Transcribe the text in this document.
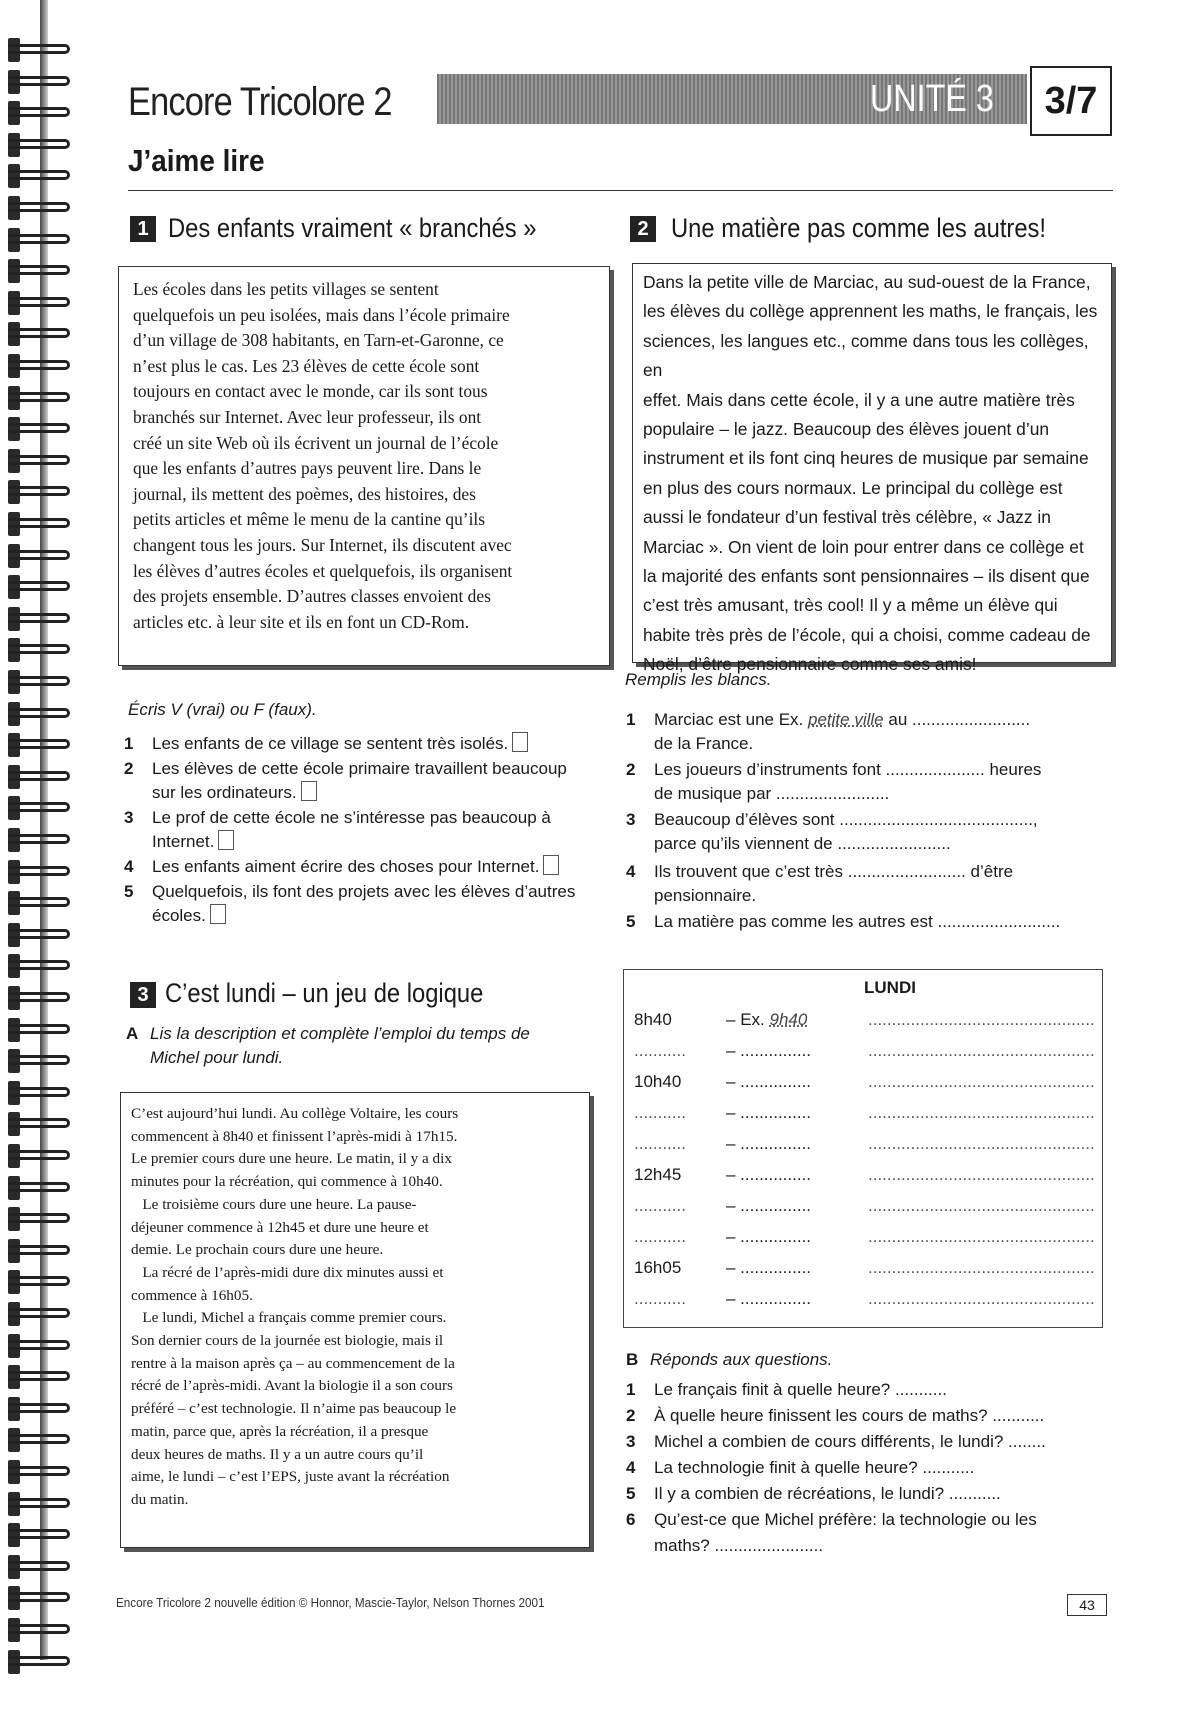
Encore Tricolore 2	UNITÉ 3	3/7
J’aime lire
1 Des enfants vraiment « branchés »
Les écoles dans les petits villages se sentent
quelquefois un peu isolées, mais dans l’école primaire
d’un village de 308 habitants, en Tarn-et-Garonne, ce
n’est plus le cas. Les 23 élèves de cette école sont
toujours en contact avec le monde, car ils sont tous
branchés sur Internet. Avec leur professeur, ils ont
créé un site Web où ils écrivent un journal de l’école
que les enfants d’autres pays peuvent lire. Dans le
journal, ils mettent des poèmes, des histoires, des
petits articles et même le menu de la cantine qu’ils
changent tous les jours. Sur Internet, ils discutent avec
les élèves d’autres écoles et quelquefois, ils organisent
des projets ensemble. D’autres classes envoient des
articles etc. à leur site et ils en font un CD-Rom.
Écris V (vrai) ou F (faux).
1 Les enfants de ce village se sentent très isolés.
2 Les élèves de cette école primaire travaillent beaucoup
sur les ordinateurs.
3 Le prof de cette école ne s’intéresse pas beaucoup à
Internet.
4 Les enfants aiment écrire des choses pour Internet.
5 Quelquefois, ils font des projets avec les élèves d’autres
écoles.
2 Une matière pas comme les autres!
Dans la petite ville de Marciac, au sud-ouest de la France,
les élèves du collège apprennent les maths, le français, les
sciences, les langues etc., comme dans tous les collèges, en
effet. Mais dans cette école, il y a une autre matière très
populaire – le jazz. Beaucoup des élèves jouent d’un
instrument et ils font cinq heures de musique par semaine
en plus des cours normaux. Le principal du collège est
aussi le fondateur d’un festival très célèbre, « Jazz in
Marciac ». On vient de loin pour entrer dans ce collège et
la majorité des enfants sont pensionnaires – ils disent que
c’est très amusant, très cool! Il y a même un élève qui
habite très près de l’école, qui a choisi, comme cadeau de
Noël, d’être pensionnaire comme ses amis!
Remplis les blancs.
1 Marciac est une Ex. petite ville au .........................
de la France.
2 Les joueurs d’instruments font ..................... heures
de musique par ........................
3 Beaucoup d’élèves sont .........................................,
parce qu’ils viennent de ........................
4 Ils trouvent que c’est très ......................... d’être
pensionnaire.
5 La matière pas comme les autres est ..........................
3 C’est lundi – un jeu de logique
A Lis la description et complète l’emploi du temps de
Michel pour lundi.

C’est aujourd’hui lundi. Au collège Voltaire, les cours
commencent à 8h40 et finissent l’après-midi à 17h15.
Le premier cours dure une heure. Le matin, il y a dix
minutes pour la récréation, qui commence à 10h40.

Le troisième cours dure une heure. La pause-
déjeuner commence à 12h45 et dure une heure et
demie. Le prochain cours dure une heure.

La récré de l’après-midi dure dix minutes aussi et
commence à 16h05.

Le lundi, Michel a français comme premier cours.
Son dernier cours de la journée est biologie, mais il
rentre à la maison après ça – au commencement de la
récré de l’après-midi. Avant la biologie il a son cours
préféré – c’est technologie. Il n’aime pas beaucoup le
matin, parce que, après la récréation, il a presque
deux heures de maths. Il y a un autre cours qu’il
aime, le lundi – c’est l’EPS, juste avant la récréation
du matin.

LUNDI
8h40	– Ex. 9h40	................................................
........... – ...............	................................................
10h40	– ...............	................................................
........... – ...............	................................................
........... – ...............	................................................
12h45	– ...............	................................................
........... – ...............	................................................
........... – ...............	................................................
16h05	– ...............	................................................
........... – ...............	................................................
B Réponds aux questions.
1 Le français finit à quelle heure? ...........
2 À quelle heure finissent les cours de maths? ...........
3 Michel a combien de cours différents, le lundi? ........
4 La technologie finit à quelle heure? ...........
5 Il y a combien de récréations, le lundi? ...........
6 Qu’est-ce que Michel préfère: la technologie ou les
maths? .......................
Encore Tricolore 2 nouvelle édition © Honnor, Mascie-Taylor, Nelson Thornes 2001	43
